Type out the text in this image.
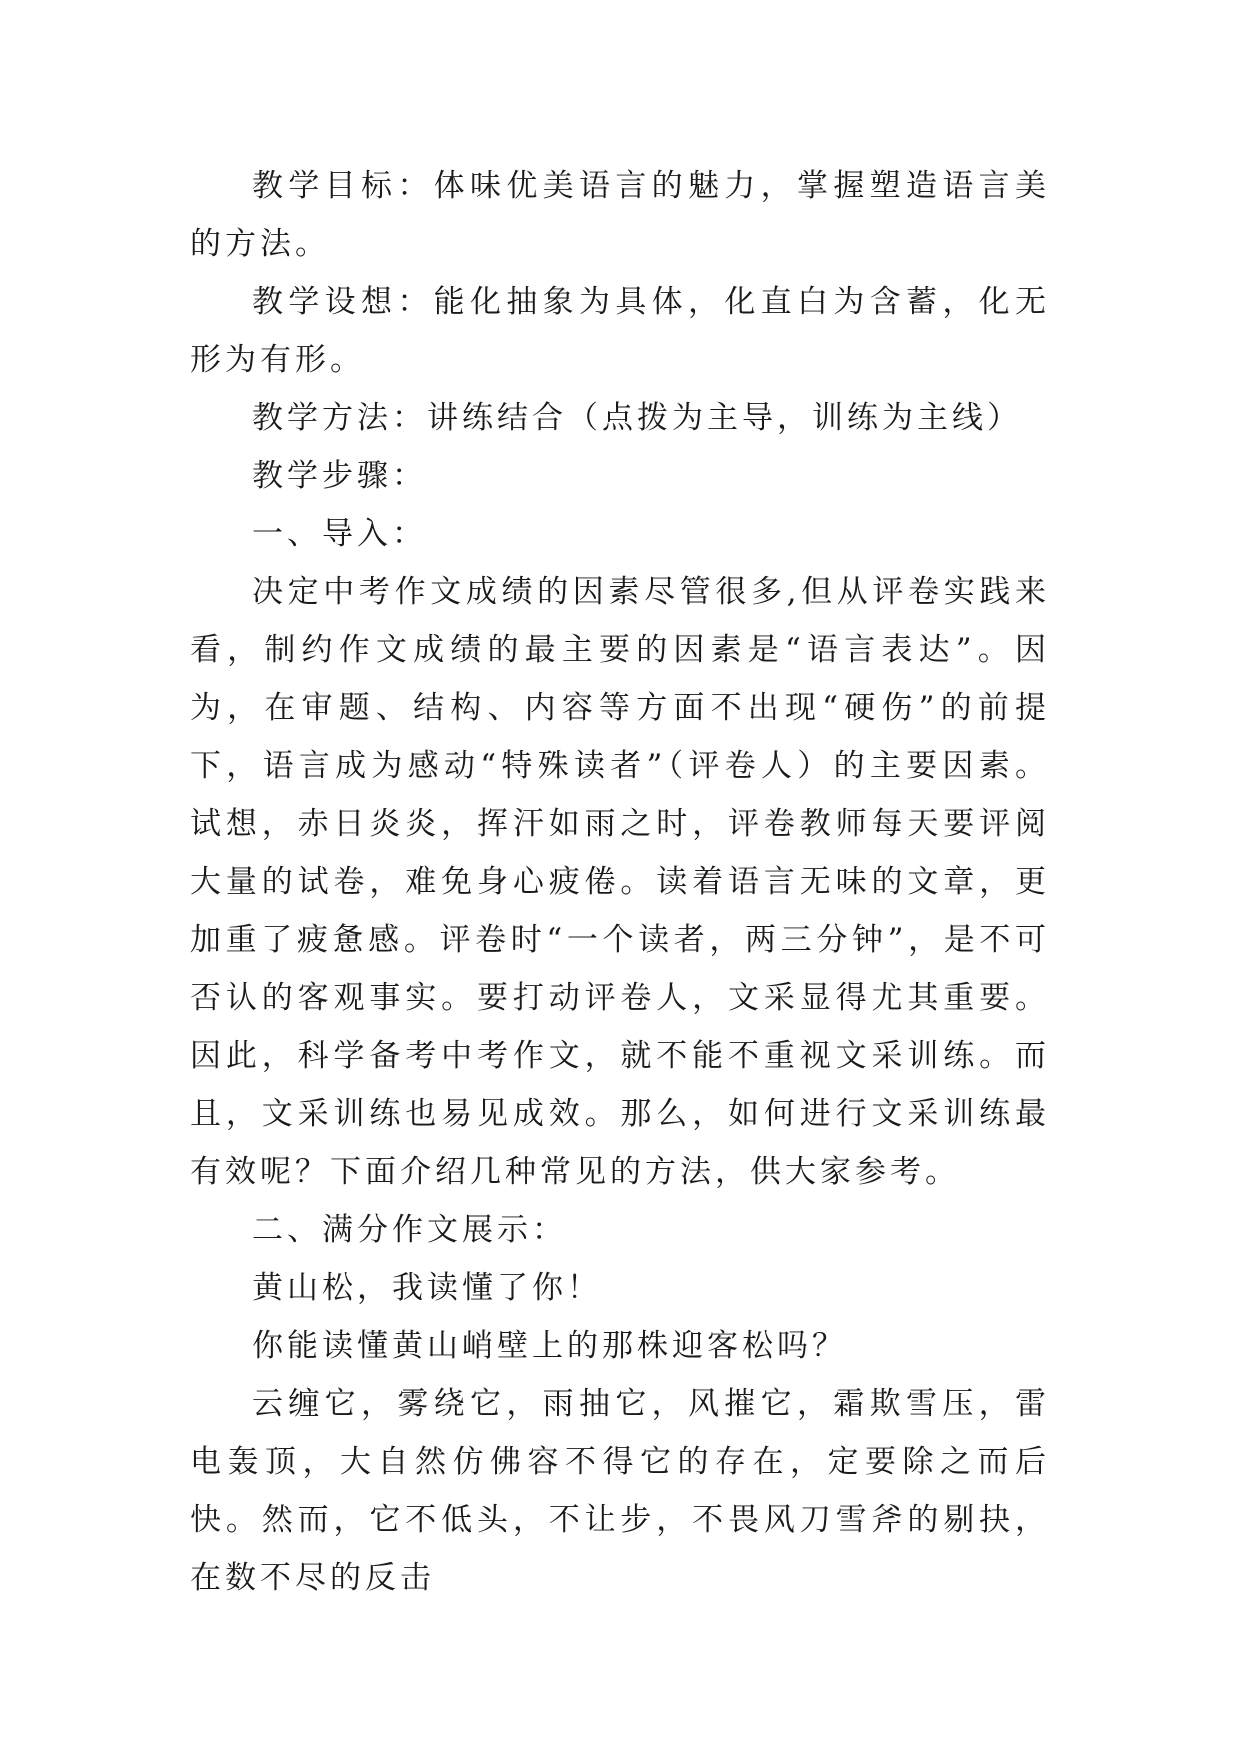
教学目标：体味优美语言的魅力，掌握塑造语言美的方法。

教学设想：能化抽象为具体，化直白为含蓄，化无形为有形。

教学方法：讲练结合（点拨为主导，训练为主线）

教学步骤：

一、导入：

决定中考作文成绩的因素尽管很多,但从评卷实践来看，制约作文成绩的最主要的因素是“语言表达”。因为，在审题、结构、内容等方面不出现“硬伤”的前提下，语言成为感动“特殊读者”（评卷人）的主要因素。试想，赤日炎炎，挥汗如雨之时，评卷教师每天要评阅大量的试卷，难免身心疲倦。读着语言无味的文章，更加重了疲惫感。评卷时“一个读者，两三分钟”，是不可否认的客观事实。要打动评卷人，文采显得尤其重要。因此，科学备考中考作文，就不能不重视文采训练。而且，文采训练也易见成效。那么，如何进行文采训练最有效呢？下面介绍几种常见的方法，供大家参考。

二、满分作文展示：

黄山松，我读懂了你！

你能读懂黄山峭壁上的那株迎客松吗？

云缠它，雾绕它，雨抽它，风摧它，霜欺雪压，雷电轰顶，大自然仿佛容不得它的存在，定要除之而后快。然而，它不低头，不让步，不畏风刀雪斧的剔抉，在数不尽的反击
